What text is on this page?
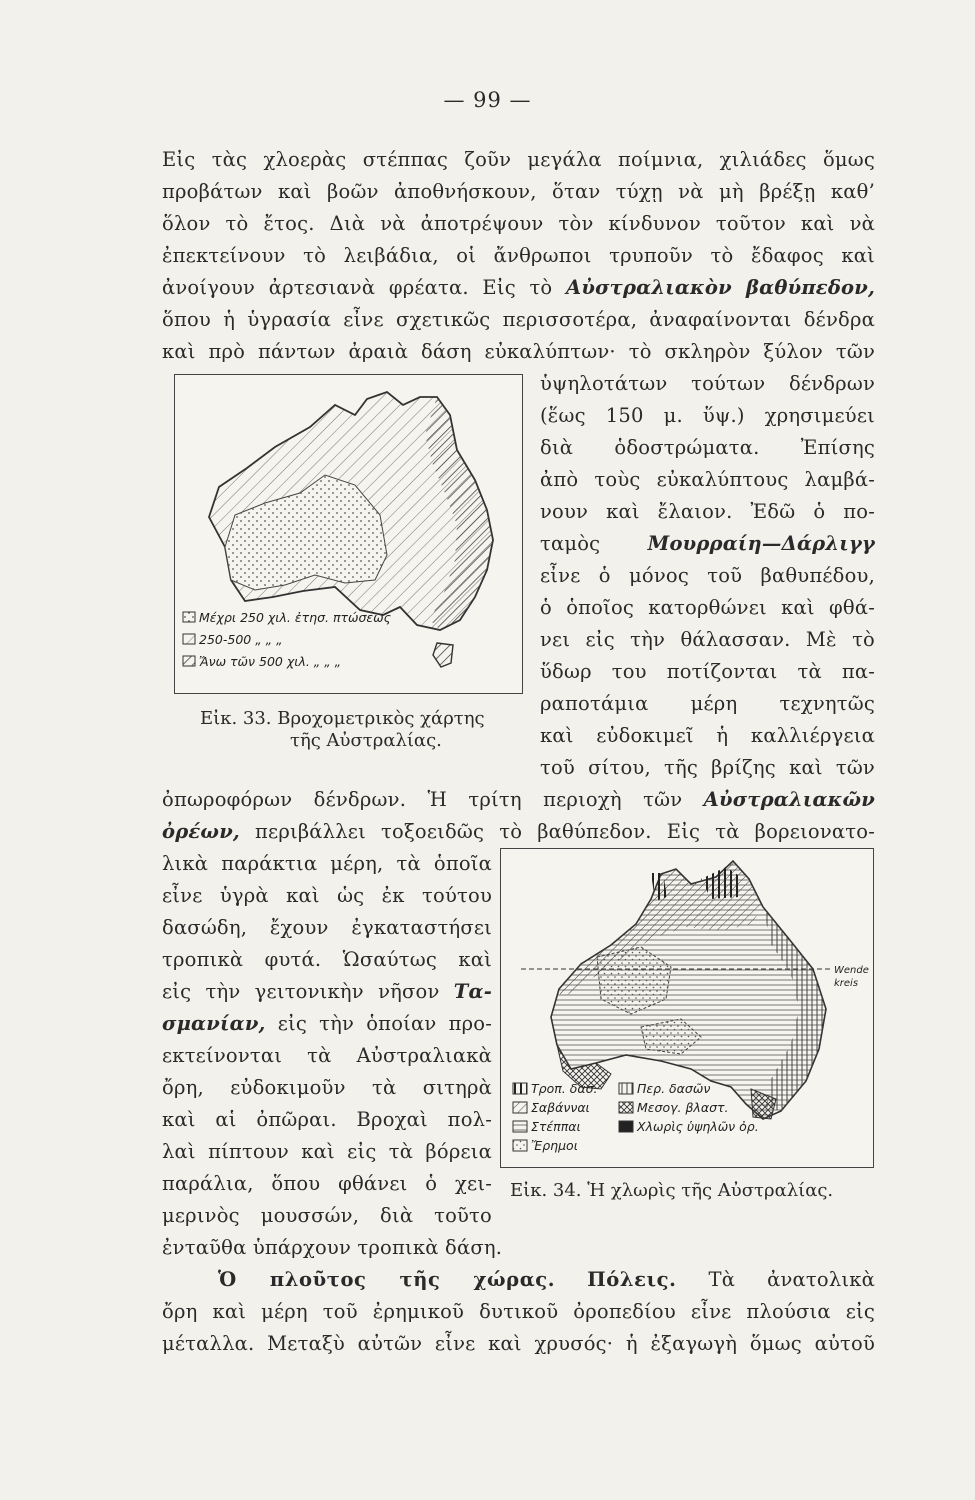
— 99 —
Εἰς τὰς χλοερὰς στέππας ζοῦν μεγάλα ποίμνια, χιλιάδες ὅμως
προβάτων καὶ βοῶν ἀποθνήσκουν, ὅταν τύχῃ νὰ μὴ βρέξῃ καθ’
ὅλον τὸ ἔτος. Διὰ νὰ ἀποτρέψουν τὸν κίνδυνον τοῦτον καὶ νὰ
ἐπεκτείνουν τὸ λειβάδια, οἱ ἄνθρωποι τρυποῦν τὸ ἔδαφος καὶ
ἀνοίγουν ἀρτεσιανὰ φρέατα. Εἰς τὸ Αὐστραλιακὸν βαθύπεδον,
ὅπου ἡ ὑγρασία εἶνε σχετικῶς περισσοτέρα, ἀναφαίνονται δένδρα
καὶ πρὸ πάντων ἀραιὰ δάση εὐκαλύπτων· τὸ σκληρὸν ξύλον τῶν
Μέχρι 250 χιλ. ἐτησ. πτώσεως
250-500 „ „ „
Ἄνω τῶν 500 χιλ. „ „ „
Εἰκ. 33. Βροχομετρικὸς χάρτης
τῆς Αὐστραλίας.
ὑψηλοτάτων τούτων δένδρων
(ἕως 150 μ. ὕψ.) χρησιμεύει
διὰ ὁδοστρώματα. Ἐπίσης
ἀπὸ τοὺς εὐκαλύπτους λαμβά-
νουν καὶ ἔλαιον. Ἐδῶ ὁ πο-
ταμὸς Μουρραίη—Δάρλιγγ
εἶνε ὁ μόνος τοῦ βαθυπέδου,
ὁ ὁποῖος κατορθώνει καὶ φθά-
νει εἰς τὴν θάλασσαν. Μὲ τὸ
ὕδωρ του ποτίζονται τὰ πα-
ραποτάμια μέρη τεχνητῶς
καὶ εὐδοκιμεῖ ἡ καλλιέργεια
τοῦ σίτου, τῆς βρίζης καὶ τῶν
ὀπωροφόρων δένδρων. Ἡ τρίτη περιοχὴ τῶν Αὐστραλιακῶν
ὀρέων, περιβάλλει τοξοειδῶς τὸ βαθύπεδον. Εἰς τὰ βορειονατο-
λικὰ παράκτια μέρη, τὰ ὁποῖα
εἶνε ὑγρὰ καὶ ὡς ἐκ τούτου
δασώδη, ἔχουν ἐγκαταστήσει
τροπικὰ φυτά. Ὡσαύτως καὶ
εἰς τὴν γειτονικὴν νῆσον Τα-
σμανίαν, εἰς τὴν ὁποίαν προ-
εκτείνονται τὰ Αὐστραλιακὰ
ὄρη, εὐδοκιμοῦν τὰ σιτηρὰ
καὶ αἱ ὀπῶραι. Βροχαὶ πολ-
λαὶ πίπτουν καὶ εἰς τὰ βόρεια
παράλια, ὅπου φθάνει ὁ χει-
μερινὸς μουσσών, διὰ τοῦτο
Wende
kreis
Τροπ. δασ.	Περ. δασῶν
Σαβάνναι	Μεσογ. βλαστ.
Στέππαι	Χλωρὶς ὑψηλῶν ὀρ.
Ἔρημοι
Εἰκ. 34. Ἡ χλωρὶς τῆς Αὐστραλίας.
ἐνταῦθα ὑπάρχουν τροπικὰ δάση.
Ὁ πλοῦτος τῆς χώρας. Πόλεις. Τὰ ἀνατολικὰ
ὄρη καὶ μέρη τοῦ ἐρημικοῦ δυτικοῦ ὀροπεδίου εἶνε πλούσια εἰς
μέταλλα. Μεταξὺ αὐτῶν εἶνε καὶ χρυσός· ἡ ἐξαγωγὴ ὅμως αὐτοῦ
